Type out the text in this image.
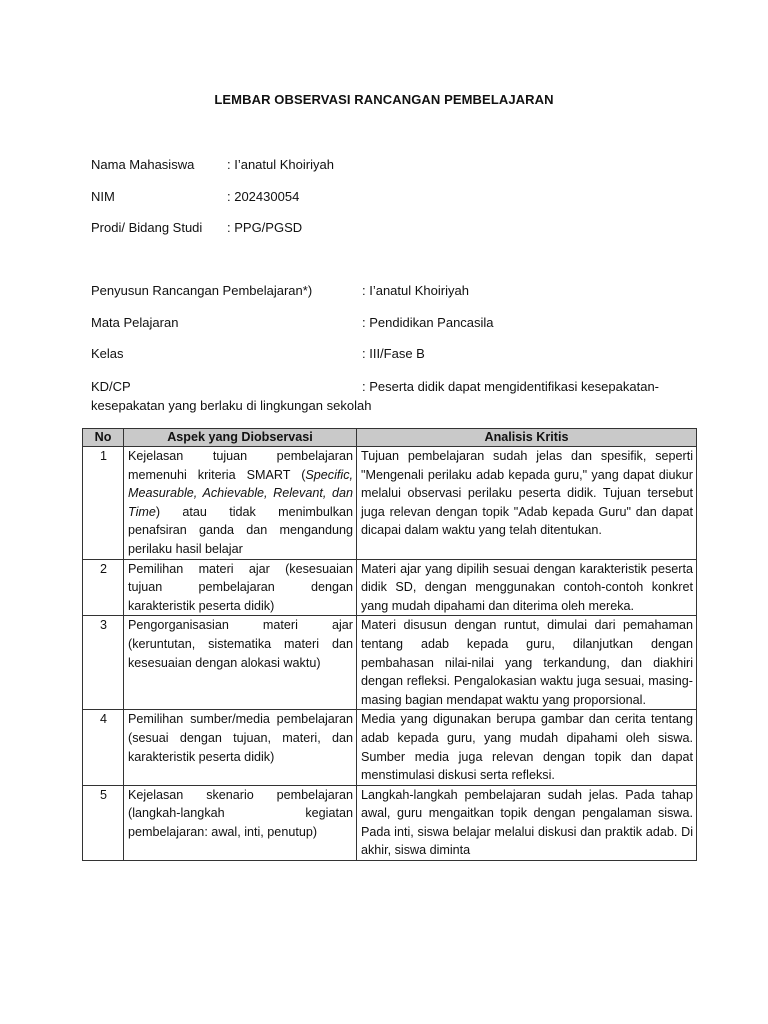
LEMBAR OBSERVASI RANCANGAN PEMBELAJARAN
Nama Mahasiswa	: I’anatul Khoiriyah
NIM	: 202430054
Prodi/ Bidang Studi : PPG/PGSD
Penyusun Rancangan Pembelajaran*)	: I’anatul Khoiriyah
Mata Pelajaran	: Pendidikan Pancasila
Kelas	: III/Fase B
KD/CP	: Peserta didik dapat mengidentifikasi kesepakatan-
kesepakatan yang berlaku di lingkungan sekolah
No	Aspek yang Diobservasi	Analisis Kritis
1	Kejelasan tujuan pembelajaran memenuhi kriteria SMART (Specific, Measurable, Achievable, Relevant, dan Time) atau tidak menimbulkan penafsiran ganda dan mengandung perilaku hasil belajar	Tujuan pembelajaran sudah jelas dan spesifik, seperti "Mengenali perilaku adab kepada guru," yang dapat diukur melalui observasi perilaku peserta didik. Tujuan tersebut juga relevan dengan topik "Adab kepada Guru" dan dapat dicapai dalam waktu yang telah ditentukan.
2	Pemilihan materi ajar (kesesuaian tujuan pembelajaran dengan karakteristik peserta didik)	Materi ajar yang dipilih sesuai dengan karakteristik peserta didik SD, dengan menggunakan contoh-contoh konkret yang mudah dipahami dan diterima oleh mereka.
3	Pengorganisasian materi ajar (keruntutan, sistematika materi dan kesesuaian dengan alokasi waktu)	Materi disusun dengan runtut, dimulai dari pemahaman tentang adab kepada guru, dilanjutkan dengan pembahasan nilai-nilai yang terkandung, dan diakhiri dengan refleksi. Pengalokasian waktu juga sesuai, masing-masing bagian mendapat waktu yang proporsional.
4	Pemilihan sumber/media pembelajaran (sesuai dengan tujuan, materi, dan karakteristik peserta didik)	Media yang digunakan berupa gambar dan cerita tentang adab kepada guru, yang mudah dipahami oleh siswa. Sumber media juga relevan dengan topik dan dapat menstimulasi diskusi serta refleksi.
5	Kejelasan skenario pembelajaran (langkah-langkah kegiatan pembelajaran: awal, inti, penutup)	Langkah-langkah pembelajaran sudah jelas. Pada tahap awal, guru mengaitkan topik dengan pengalaman siswa. Pada inti, siswa belajar melalui diskusi dan praktik adab. Di akhir, siswa diminta
